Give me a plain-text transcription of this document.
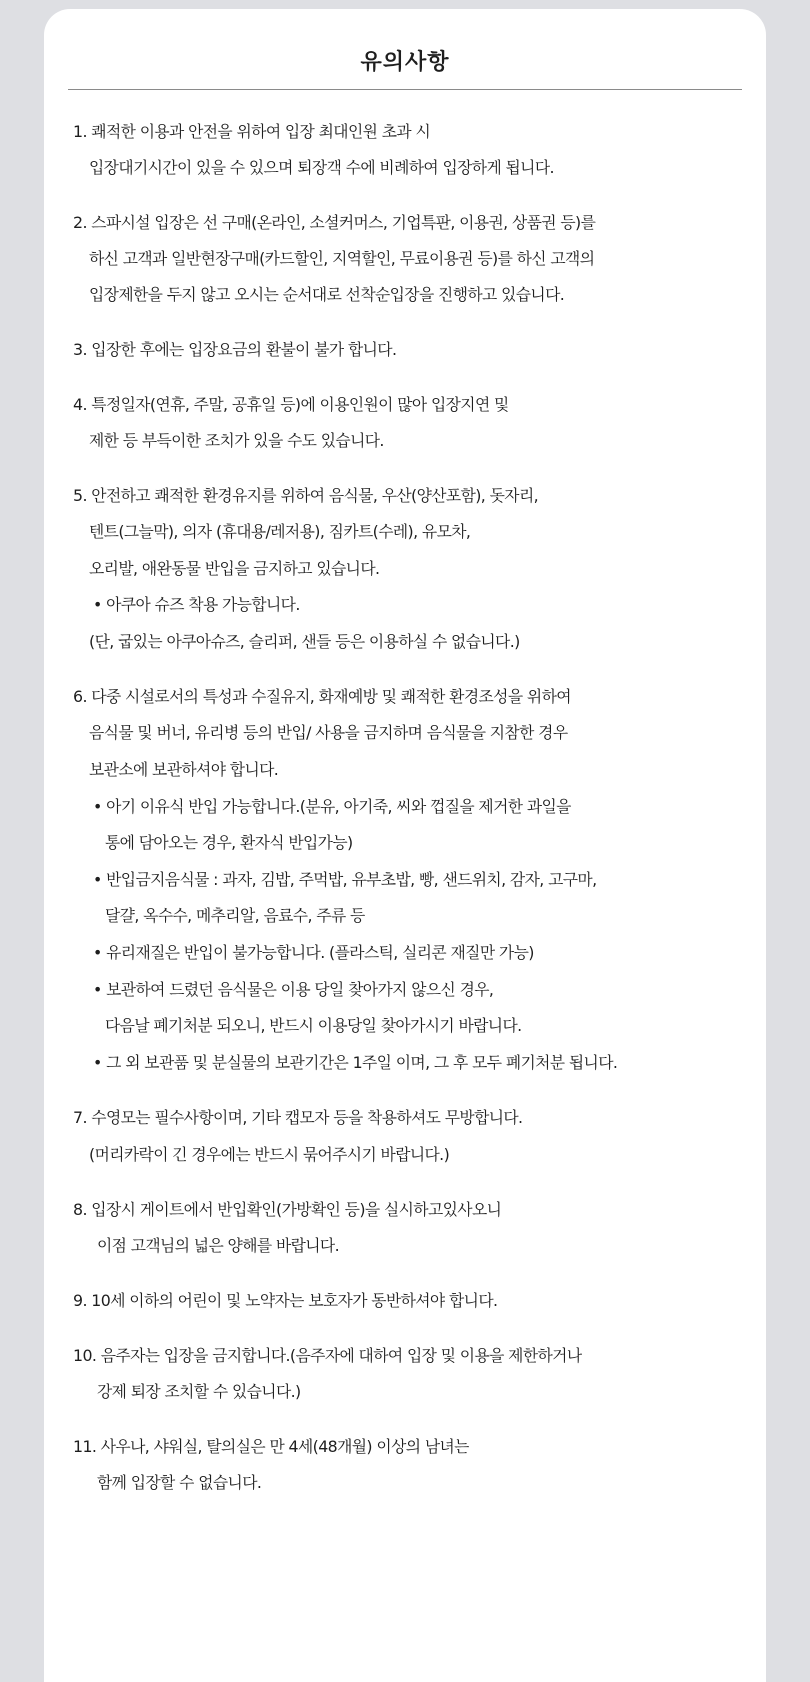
유의사항
1. 쾌적한 이용과 안전을 위하여 입장 최대인원 초과 시
입장대기시간이 있을 수 있으며 퇴장객 수에 비례하여 입장하게 됩니다.
2. 스파시설 입장은 선 구매(온라인, 소셜커머스, 기업특판, 이용권, 상품권 등)를
하신 고객과 일반현장구매(카드할인, 지역할인, 무료이용권 등)를 하신 고객의
입장제한을 두지 않고 오시는 순서대로 선착순입장을 진행하고 있습니다.
3. 입장한 후에는 입장요금의 환불이 불가 합니다.
4. 특정일자(연휴, 주말, 공휴일 등)에 이용인원이 많아 입장지연 및
제한 등 부득이한 조치가 있을 수도 있습니다.
5. 안전하고 쾌적한 환경유지를 위하여 음식물, 우산(양산포함), 돗자리,
텐트(그늘막), 의자 (휴대용/레저용), 짐카트(수레), 유모차,
오리발, 애완동물 반입을 금지하고 있습니다.
• 아쿠아 슈즈 착용 가능합니다.
(단, 굽있는 아쿠아슈즈, 슬리퍼, 샌들 등은 이용하실 수 없습니다.)
6. 다중 시설로서의 특성과 수질유지, 화재예방 및 쾌적한 환경조성을 위하여
음식물 및 버너, 유리병 등의 반입/ 사용을 금지하며 음식물을 지참한 경우
보관소에 보관하셔야 합니다.
• 아기 이유식 반입 가능합니다.(분유, 아기죽, 씨와 껍질을 제거한 과일을
통에 담아오는 경우, 환자식 반입가능)
• 반입금지음식물 : 과자, 김밥, 주먹밥, 유부초밥, 빵, 샌드위치, 감자, 고구마,
달걀, 옥수수, 메추리알, 음료수, 주류 등
• 유리재질은 반입이 불가능합니다. (플라스틱, 실리콘 재질만 가능)
• 보관하여 드렸던 음식물은 이용 당일 찾아가지 않으신 경우,
다음날 폐기처분 되오니, 반드시 이용당일 찾아가시기 바랍니다.
• 그 외 보관품 및 분실물의 보관기간은 1주일 이며, 그 후 모두 폐기처분 됩니다.
7. 수영모는 필수사항이며, 기타 캡모자 등을 착용하셔도 무방합니다.
(머리카락이 긴 경우에는 반드시 묶어주시기 바랍니다.)
8. 입장시 게이트에서 반입확인(가방확인 등)을 실시하고있사오니
이점 고객님의 넓은 양해를 바랍니다.
9. 10세 이하의 어린이 및 노약자는 보호자가 동반하셔야 합니다.
10. 음주자는 입장을 금지합니다.(음주자에 대하여 입장 및 이용을 제한하거나
강제 퇴장 조치할 수 있습니다.)
11. 사우나, 샤워실, 탈의실은 만 4세(48개월) 이상의 남녀는
함께 입장할 수 없습니다.
